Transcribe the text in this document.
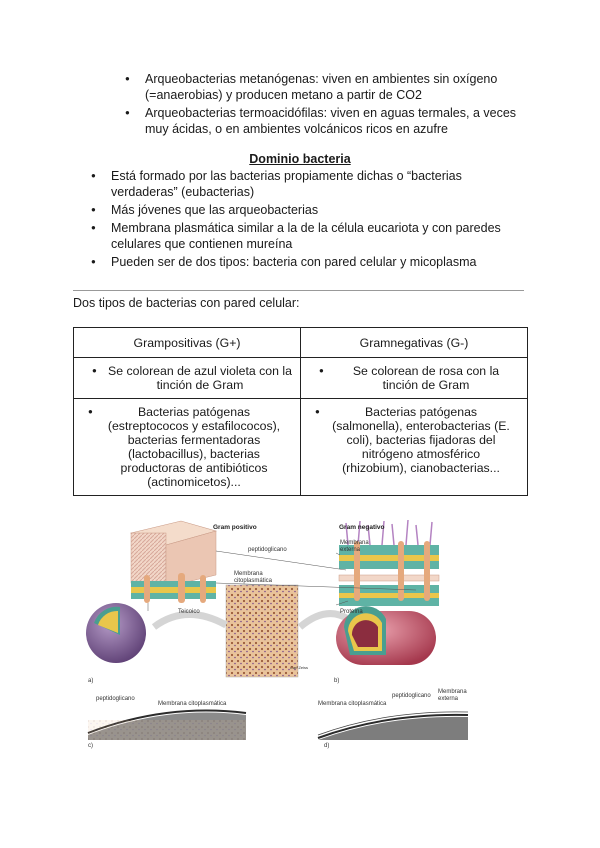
● Arqueobacterias metanógenas: viven en ambientes sin oxígeno (=anaerobias) y producen metano a partir de CO2
● Arqueobacterias termoacidófilas: viven en aguas termales, a veces muy ácidas, o en ambientes volcánicos ricos en azufre
Dominio bacteria
● Está formado por las bacterias propiamente dichas o “bacterias verdaderas” (eubacterias)
● Más jóvenes que las arqueobacterias
● Membrana plasmática similar a la de la célula eucariota y con paredes celulares que contienen mureína
● Pueden ser de dos tipos: bacteria con pared celular y micoplasma
Dos tipos de bacterias con pared celular:
Grampositivas (G+)	Gramnegativas (G-)
● Se colorean de azul violeta con la tinción de Gram	● Se colorean de rosa con la tinción de Gram
● Bacterias patógenas (estreptococos y estafilococos), bacterias fermentadoras (lactobacillus), bacterias productoras de antibióticos (actinomicetos)...	● Bacterias patógenas (salmonella), enterobacterias (E. coli), bacterias fijadoras del nitrógeno atmosférico (rhizobium), cianobacterias...
Gram positivo	Gram negativo
peptidoglicano
Membrana citoplasmática
Membrana externa
Teicoico	Proteína
a)	b)
c)	d)
Carl Zeiss
peptidoglicano
Membrana citoplasmática	Membrana citoplasmática
peptidoglicano
Membrana externa
